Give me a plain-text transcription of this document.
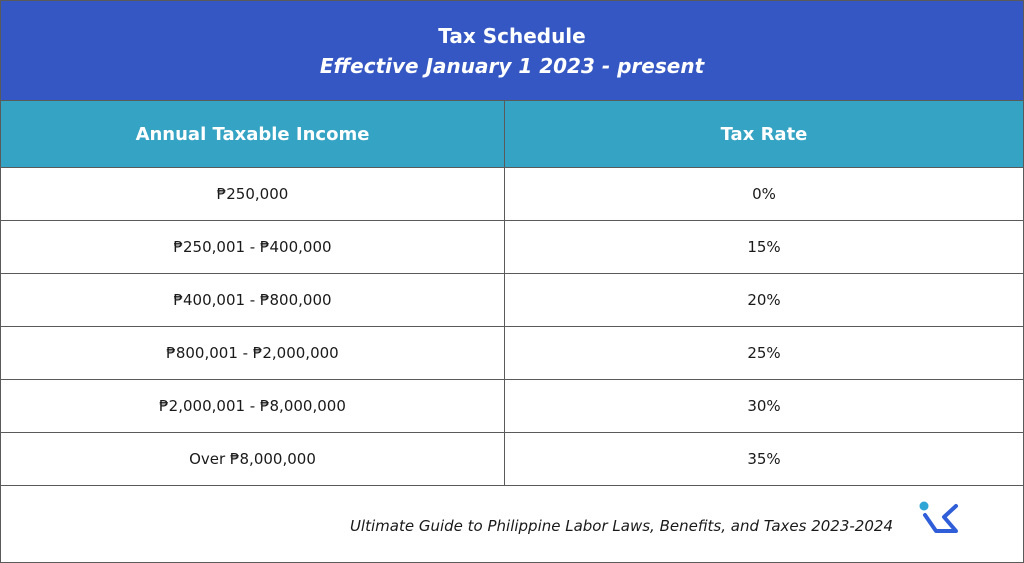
Tax Schedule
Effective January 1 2023 - present
Annual Taxable Income	Tax Rate
₱250,000	0%
₱250,001 - ₱400,000	15%
₱400,001 - ₱800,000	20%
₱800,001 - ₱2,000,000	25%
₱2,000,001 - ₱8,000,000	30%
Over ₱8,000,000	35%
Ultimate Guide to Philippine Labor Laws, Benefits, and Taxes 2023-2024
